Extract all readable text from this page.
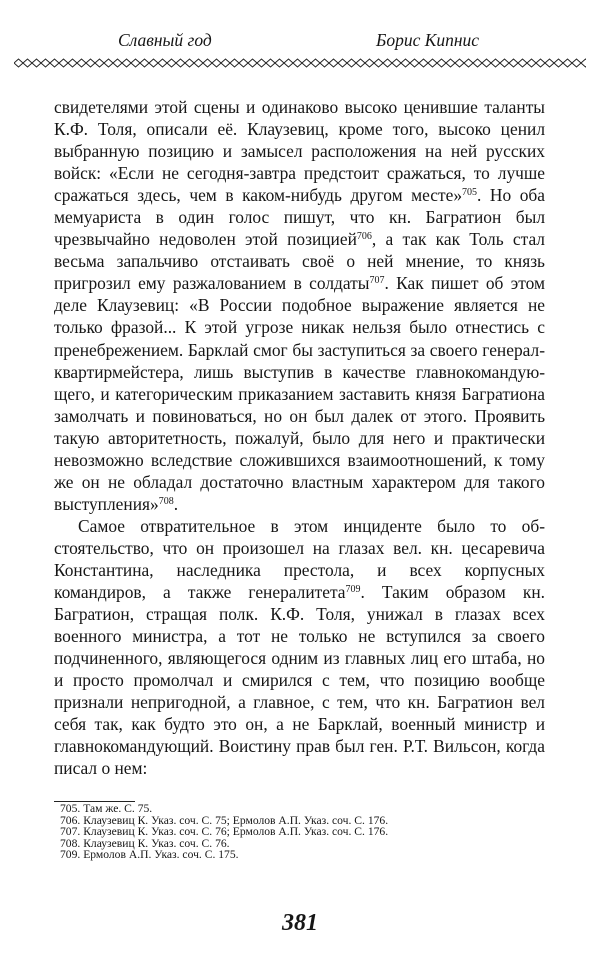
Славный год	Борис Кипнис

свидетелями этой сцены и одинаково высоко ценившие таланты К.Ф. Толя, описали её. Клаузевиц, кроме того, высоко ценил выбранную позицию и замысел расположения на ней русских войск: «Если не сегодня-завтра предстоит сражаться, то лучше сражаться здесь, чем в каком-нибудь другом месте»$^{705}$. Но оба мемуариста в один голос пишут, что кн. Багратион был чрезвычайно недоволен этой позицией$^{706}$, а так как Толь стал весьма запальчиво отстаивать своё о ней мнение, то князь пригрозил ему разжалованием в солдаты$^{707}$. Как пишет об этом деле Клаузевиц: «В России подобное выражение является не только фразой... К этой угрозе никак нельзя было отнестись с пренебрежением. Барклай смог бы заступиться за своего генерал-квартирмейстера, лишь выступив в качестве главнокомандующего, и категорическим приказанием заставить князя Багратиона замолчать и повиноваться, но он был далек от этого. Проявить такую авторитетность, пожалуй, было для него и практически невозможно вследствие сложившихся взаимоотношений, к тому же он не обладал достаточно властным характером для такого выступления»$^{708}$.

Самое отвратительное в этом инциденте было то обстоятельство, что он произошел на глазах вел. кн. цесаревича Константина, наследника престола, и всех корпусных командиров, а также генералитета$^{709}$. Таким образом кн. Багратион, стращая полк. К.Ф. Толя, унижал в глазах всех военного министра, а тот не только не вступился за своего подчиненного, являющегося одним из главных лиц его штаба, но и просто промолчал и смирился с тем, что позицию вообще признали непригодной, а главное, с тем, что кн. Багратион вел себя так, как будто это он, а не Барклай, военный министр и главнокомандующий. Воистину прав был ген. Р.Т. Вильсон, когда писал о нем:

705. Там же. С. 75.
706. Клаузевиц К. Указ. соч. С. 75; Ермолов А.П. Указ. соч. С. 176.
707. Клаузевиц К. Указ. соч. С. 76; Ермолов А.П. Указ. соч. С. 176.
708. Клаузевиц К. Указ. соч. С. 76.
709. Ермолов А.П. Указ. соч. С. 175.
381
